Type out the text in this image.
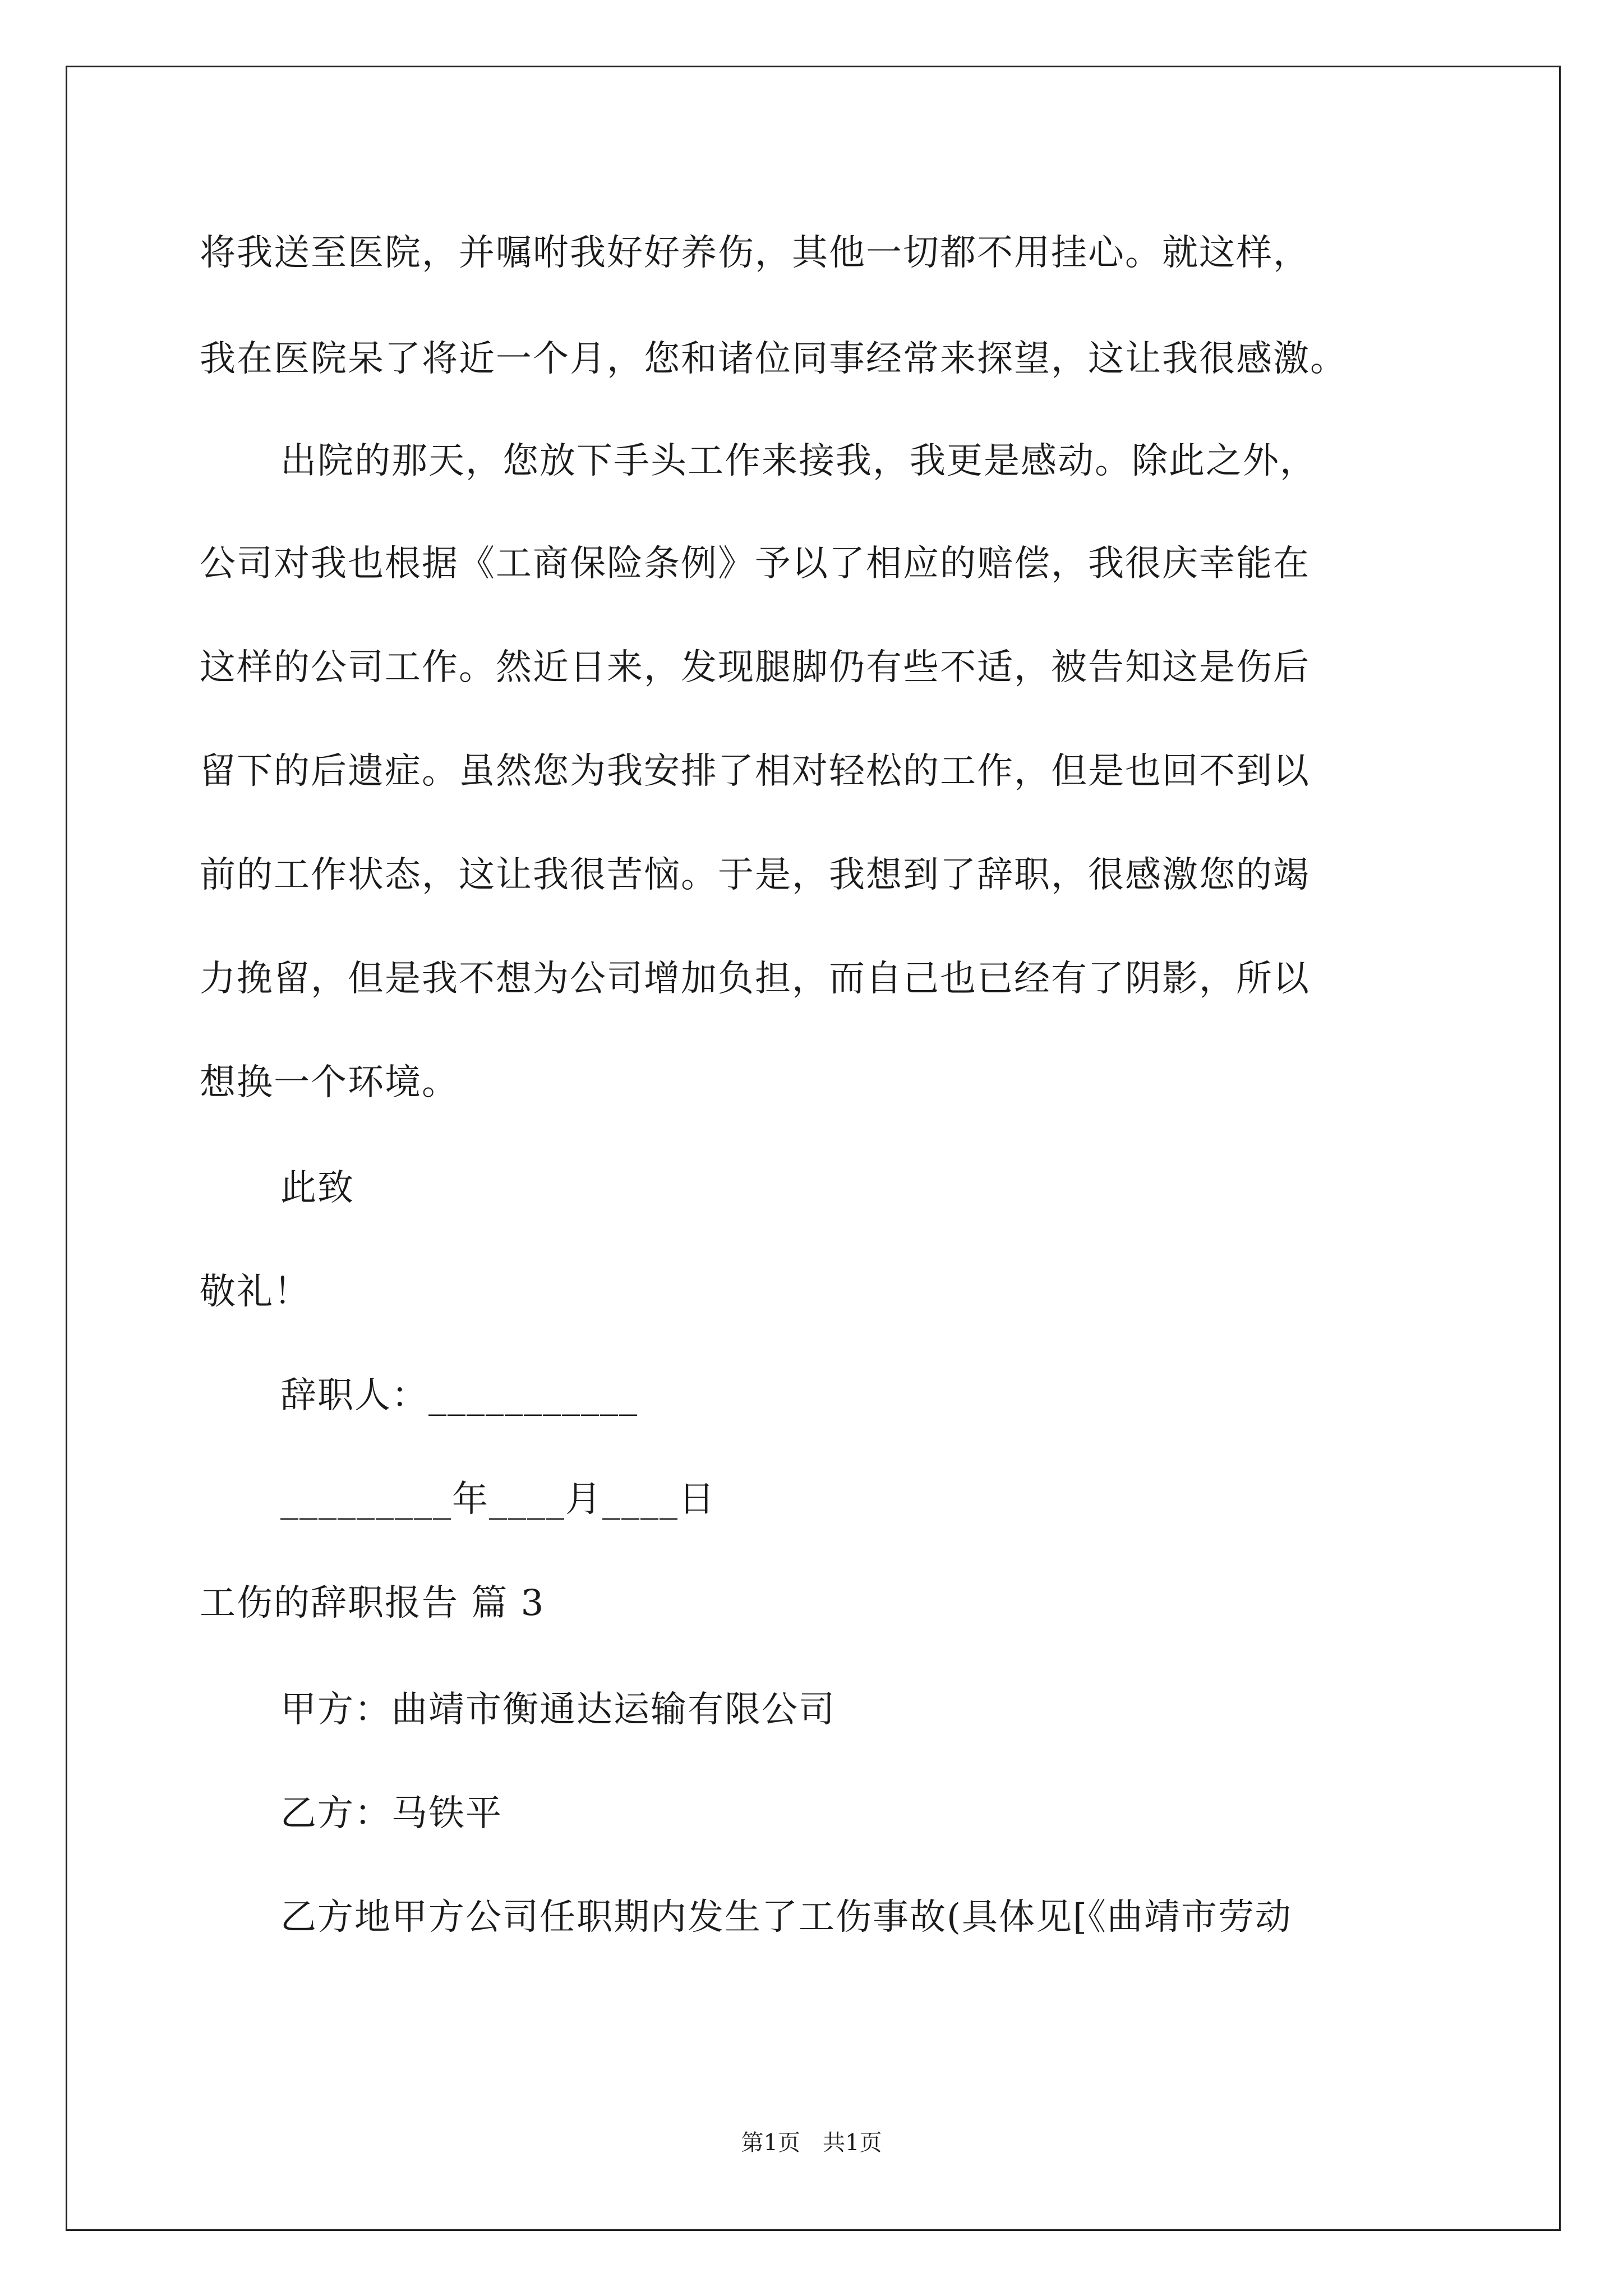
将我送至医院，并嘱咐我好好养伤，其他一切都不用挂心。就这样，
我在医院呆了将近一个月，您和诸位同事经常来探望，这让我很感激。
出院的那天，您放下手头工作来接我，我更是感动。除此之外，
公司对我也根据《工商保险条例》予以了相应的赔偿，我很庆幸能在
这样的公司工作。然近日来，发现腿脚仍有些不适，被告知这是伤后
留下的后遗症。虽然您为我安排了相对轻松的工作，但是也回不到以
前的工作状态，这让我很苦恼。于是，我想到了辞职，很感激您的竭
力挽留，但是我不想为公司增加负担，而自己也已经有了阴影，所以
想换一个环境。
此致
敬礼！
辞职人：___________
_________年____月____日
工伤的辞职报告 篇 3
甲方：曲靖市衡通达运输有限公司
乙方：马铁平
乙方地甲方公司任职期内发生了工伤事故(具体见[《曲靖市劳动
第1页　共1页
